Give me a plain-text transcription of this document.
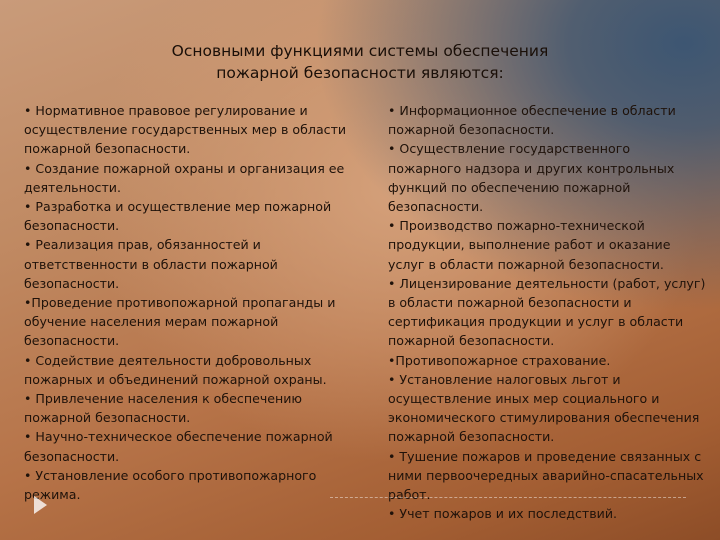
Основными функциями системы обеспечения
пожарной безопасности являются:

• Нормативное правовое регулирование и осуществление государственных мер в области пожарной безопасности.

• Создание пожарной охраны и организация ее деятельности.

• Разработка и осуществление мер пожарной безопасности.

• Реализация прав, обязанностей и ответственности в области пожарной безопасности.

•Проведение противопожарной пропаганды и обучение населения мерам пожарной безопасности.

• Содействие деятельности добровольных пожарных и объединений пожарной охраны.

• Привлечение населения к обеспечению пожарной безопасности.

• Научно-техническое обеспечение пожарной безопасности.

• Установление особого противопожарного режима.

• Информационное обеспечение в области пожарной безопасности.

• Осуществление государственного пожарного надзора и других контрольных функций по обеспечению пожарной безопасности.

• Производство пожарно-технической продукции, выполнение работ и оказание услуг в области пожарной безопасности.

• Лицензирование деятельности (работ, услуг) в области пожарной безопасности и сертификация продукции и услуг в области пожарной безопасности.

•Противопожарное страхование.

• Установление налоговых льгот и осуществление иных мер социального и экономического стимулирования обеспечения пожарной безопасности.

• Тушение пожаров и проведение связанных с ними первоочередных аварийно-спасательных работ.

• Учет пожаров и их последствий.
